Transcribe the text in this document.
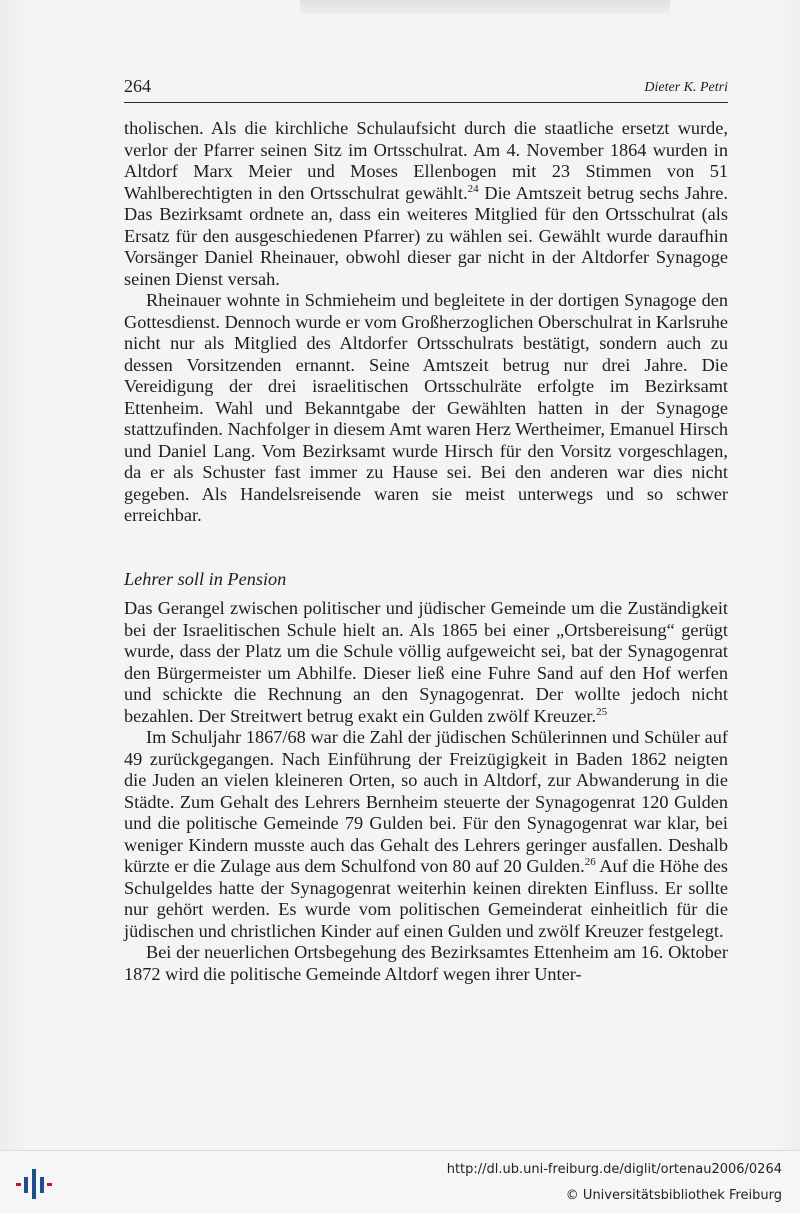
264	Dieter K. Petri

tholischen. Als die kirchliche Schulaufsicht durch die staatliche ersetzt wurde, verlor der Pfarrer seinen Sitz im Ortsschulrat. Am 4. November 1864 wurden in Altdorf Marx Meier und Moses Ellenbogen mit 23 Stimmen von 51 Wahlberechtigten in den Ortsschulrat gewählt.$^{24}$ Die Amtszeit betrug sechs Jahre. Das Bezirksamt ordnete an, dass ein weiteres Mitglied für den Ortsschulrat (als Ersatz für den ausgeschiedenen Pfarrer) zu wählen sei. Gewählt wurde daraufhin Vorsänger Daniel Rheinauer, obwohl dieser gar nicht in der Altdorfer Synagoge seinen Dienst versah.

Rheinauer wohnte in Schmieheim und begleitete in der dortigen Synagoge den Gottesdienst. Dennoch wurde er vom Großherzoglichen Oberschulrat in Karlsruhe nicht nur als Mitglied des Altdorfer Ortsschulrats bestätigt, sondern auch zu dessen Vorsitzenden ernannt. Seine Amtszeit betrug nur drei Jahre. Die Vereidigung der drei israelitischen Ortsschulräte erfolgte im Bezirksamt Ettenheim. Wahl und Bekanntgabe der Gewählten hatten in der Synagoge stattzufinden. Nachfolger in diesem Amt waren Herz Wertheimer, Emanuel Hirsch und Daniel Lang. Vom Bezirksamt wurde Hirsch für den Vorsitz vorgeschlagen, da er als Schuster fast immer zu Hause sei. Bei den anderen war dies nicht gegeben. Als Handelsreisende waren sie meist unterwegs und so schwer erreichbar.

Lehrer soll in Pension

Das Gerangel zwischen politischer und jüdischer Gemeinde um die Zuständigkeit bei der Israelitischen Schule hielt an. Als 1865 bei einer „Ortsbereisung“ gerügt wurde, dass der Platz um die Schule völlig aufgeweicht sei, bat der Synagogenrat den Bürgermeister um Abhilfe. Dieser ließ eine Fuhre Sand auf den Hof werfen und schickte die Rechnung an den Synagogenrat. Der wollte jedoch nicht bezahlen. Der Streitwert betrug exakt ein Gulden zwölf Kreuzer.$^{25}$

Im Schuljahr 1867/68 war die Zahl der jüdischen Schülerinnen und Schüler auf 49 zurückgegangen. Nach Einführung der Freizügigkeit in Baden 1862 neigten die Juden an vielen kleineren Orten, so auch in Altdorf, zur Abwanderung in die Städte. Zum Gehalt des Lehrers Bernheim steuerte der Synagogenrat 120 Gulden und die politische Gemeinde 79 Gulden bei. Für den Synagogenrat war klar, bei weniger Kindern musste auch das Gehalt des Lehrers geringer ausfallen. Deshalb kürzte er die Zulage aus dem Schulfond von 80 auf 20 Gulden.$^{26}$ Auf die Höhe des Schulgeldes hatte der Synagogenrat weiterhin keinen direkten Einfluss. Er sollte nur gehört werden. Es wurde vom politischen Gemeinderat einheitlich für die jüdischen und christlichen Kinder auf einen Gulden und zwölf Kreuzer festgelegt.

Bei der neuerlichen Ortsbegehung des Bezirksamtes Ettenheim am 16. Oktober 1872 wird die politische Gemeinde Altdorf wegen ihrer Unter-

http://dl.ub.uni-freiburg.de/diglit/ortenau2006/0264
© Universitätsbibliothek Freiburg
